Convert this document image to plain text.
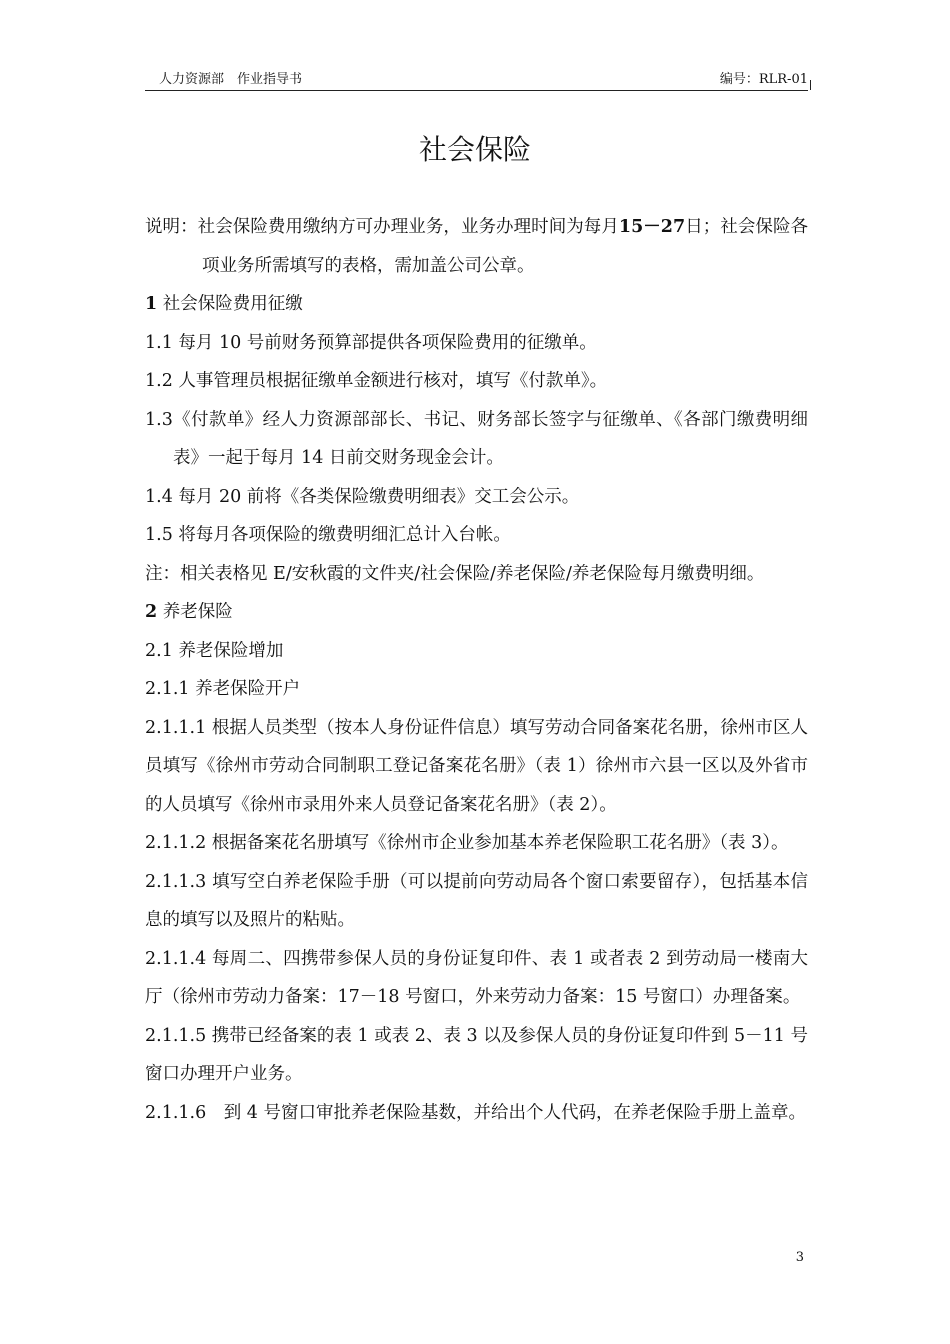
人力资源部　作业指导书	编号：RLR-01
社会保险

说明：社会保险费用缴纳方可办理业务，业务办理时间为每月15－27日；社会保险各项业务所需填写的表格，需加盖公司公章。

1 社会保险费用征缴

1.1 每月 10 号前财务预算部提供各项保险费用的征缴单。

1.2 人事管理员根据征缴单金额进行核对，填写《付款单》。

1.3《付款单》经人力资源部部长、书记、财务部长签字与征缴单、《各部门缴费明细表》一起于每月 14 日前交财务现金会计。

1.4 每月 20 前将《各类保险缴费明细表》交工会公示。

1.5 将每月各项保险的缴费明细汇总计入台帐。

注：相关表格见 E/安秋霞的文件夹/社会保险/养老保险/养老保险每月缴费明细。

2 养老保险

2.1 养老保险增加

2.1.1 养老保险开户

2.1.1.1 根据人员类型（按本人身份证件信息）填写劳动合同备案花名册，徐州市区人员填写《徐州市劳动合同制职工登记备案花名册》（表 1）徐州市六县一区以及外省市的人员填写《徐州市录用外来人员登记备案花名册》（表 2）。

2.1.1.2 根据备案花名册填写《徐州市企业参加基本养老保险职工花名册》（表 3）。

2.1.1.3 填写空白养老保险手册（可以提前向劳动局各个窗口索要留存），包括基本信息的填写以及照片的粘贴。

2.1.1.4 每周二、四携带参保人员的身份证复印件、表 1 或者表 2 到劳动局一楼南大厅（徐州市劳动力备案：17－18 号窗口，外来劳动力备案：15 号窗口）办理备案。

2.1.1.5 携带已经备案的表 1 或表 2、表 3 以及参保人员的身份证复印件到 5－11 号窗口办理开户业务。

2.1.1.6　到 4 号窗口审批养老保险基数，并给出个人代码，在养老保险手册上盖章。

3
